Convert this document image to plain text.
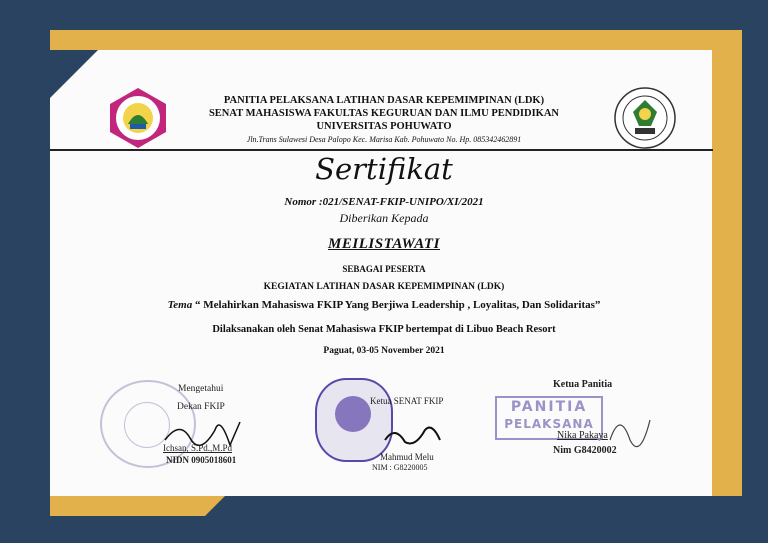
PANITIA PELAKSANA LATIHAN DASAR KEPEMIMPINAN (LDK)
SENAT MAHASISWA FAKULTAS KEGURUAN DAN ILMU PENDIDIKAN
UNIVERSITAS POHUWATO
Jln.Trans Sulawesi Desa Palopo Kec. Marisa Kab. Pohuwato No. Hp. 085342462891
Sertifikat
Nomor :021/SENAT-FKIP-UNIPO/XI/2021
Diberikan Kepada
MEILISTAWATI
SEBAGAI PESERTA
KEGIATAN LATIHAN DASAR KEPEMIMPINAN (LDK)
Tema “ Melahirkan Mahasiswa FKIP Yang Berjiwa Leadership , Loyalitas, Dan Solidaritas”
Dilaksanakan oleh Senat Mahasiswa FKIP bertempat di Libuo Beach Resort
Paguat, 03-05 November 2021
Mengetahui
Dekan FKIP
Ichsan, S.Pd.,M.Pd
NIDN 0905018601
Ketua SENAT FKIP
Mahmud Melu
NIM : G8220005
Ketua Panitia
PANITIA
PELAKSANA
Nika Pakaya
Nim G8420002
